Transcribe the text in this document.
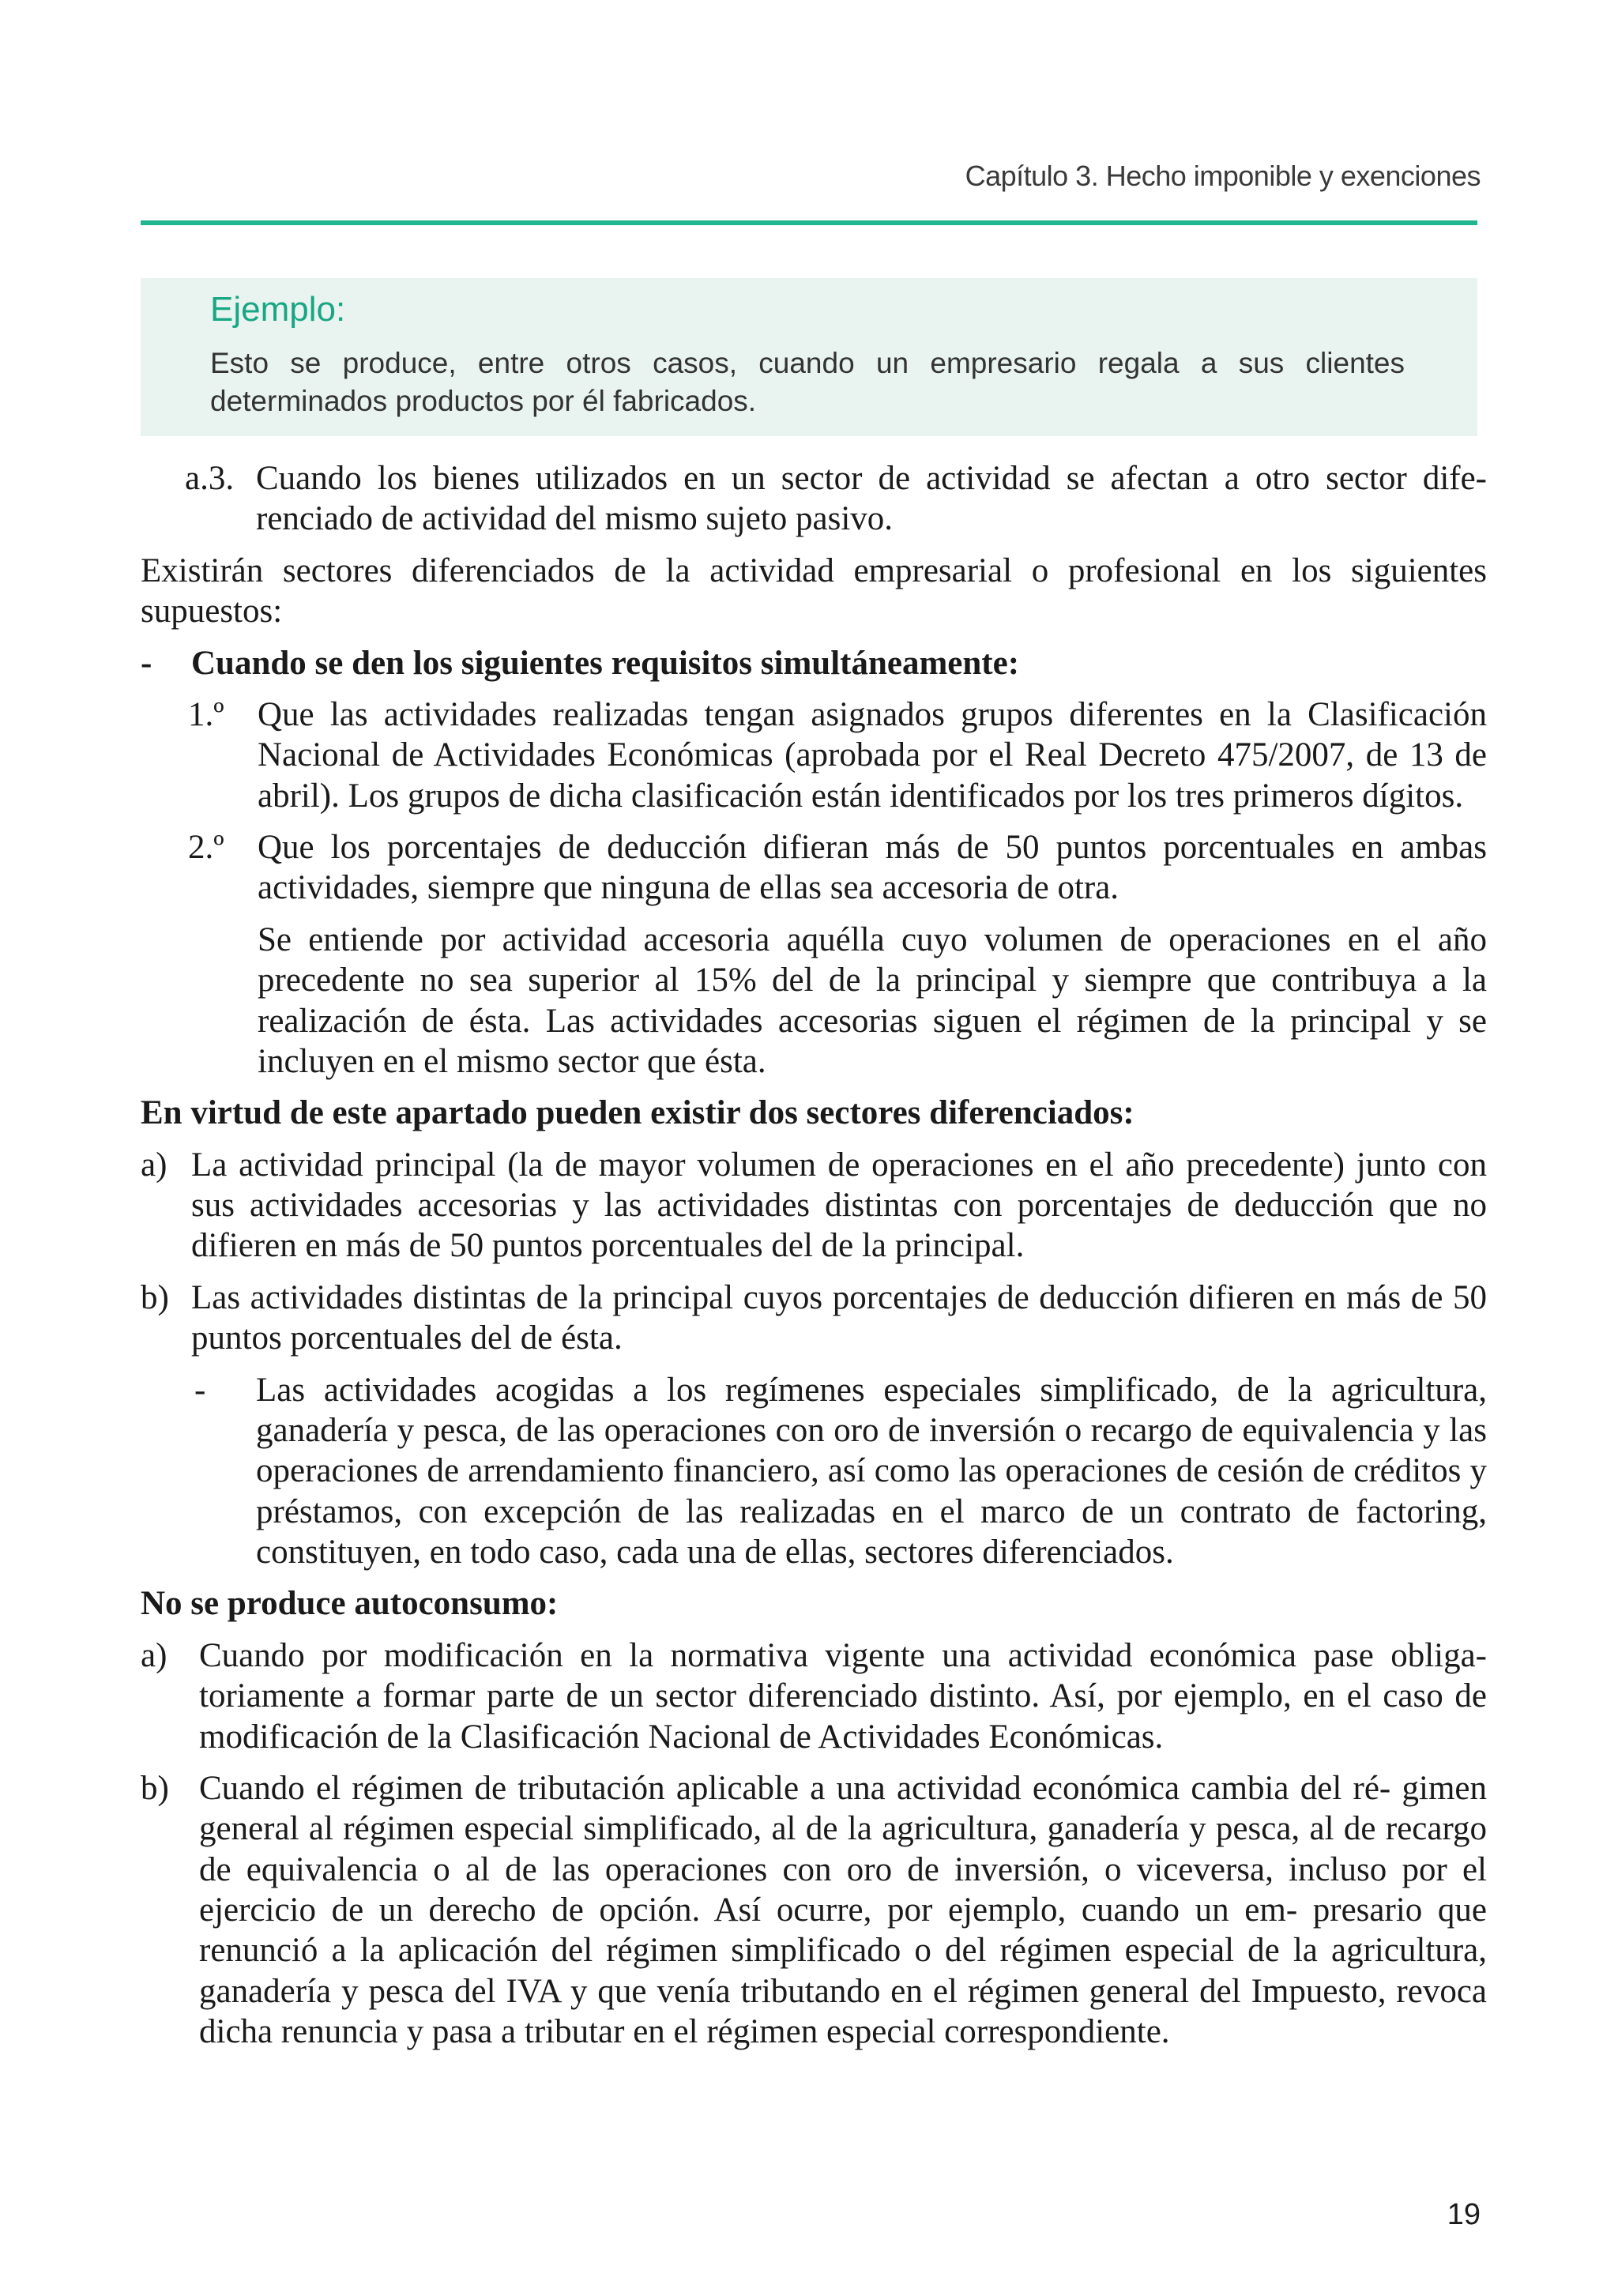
Capítulo 3. Hecho imponible y exenciones

Ejemplo:

Esto se produce, entre otros casos, cuando un empresario regala a sus clientes determinados productos por él fabricados.

a.3. Cuando los bienes utilizados en un sector de actividad se afectan a otro sector dife- renciado de actividad del mismo sujeto pasivo.

Existirán sectores diferenciados de la actividad empresarial o profesional en los siguientes supuestos:

-	Cuando se den los siguientes requisitos simultáneamente:
1.º Que las actividades realizadas tengan asignados grupos diferentes en la Clasificación Nacional de Actividades Económicas (aprobada por el Real Decreto 475/2007, de 13 de abril). Los grupos de dicha clasificación están identificados por los tres primeros dígitos.
2.º Que los porcentajes de deducción difieran más de 50 puntos porcentuales en ambas actividades, siempre que ninguna de ellas sea accesoria de otra.

Se entiende por actividad accesoria aquélla cuyo volumen de operaciones en el año precedente no sea superior al 15% del de la principal y siempre que contribuya a la realización de ésta. Las actividades accesorias siguen el régimen de la principal y se incluyen en el mismo sector que ésta.

En virtud de este apartado pueden existir dos sectores diferenciados:

a) La actividad principal (la de mayor volumen de operaciones en el año precedente) junto con sus actividades accesorias y las actividades distintas con porcentajes de deducción que no difieren en más de 50 puntos porcentuales del de la principal.
b) Las actividades distintas de la principal cuyos porcentajes de deducción difieren en más de 50 puntos porcentuales del de ésta.
-	Las actividades acogidas a los regímenes especiales simplificado, de la agricultura, ganadería y pesca, de las operaciones con oro de inversión o recargo de equivalencia y las operaciones de arrendamiento financiero, así como las operaciones de cesión de créditos y préstamos, con excepción de las realizadas en el marco de un contrato de factoring, constituyen, en todo caso, cada una de ellas, sectores diferenciados.

No se produce autoconsumo:

a) Cuando por modificación en la normativa vigente una actividad económica pase obliga- toriamente a formar parte de un sector diferenciado distinto. Así, por ejemplo, en el caso de modificación de la Clasificación Nacional de Actividades Económicas.
b) Cuando el régimen de tributación aplicable a una actividad económica cambia del ré- gimen general al régimen especial simplificado, al de la agricultura, ganadería y pesca, al de recargo de equivalencia o al de las operaciones con oro de inversión, o viceversa, incluso por el ejercicio de un derecho de opción. Así ocurre, por ejemplo, cuando un em- presario que renunció a la aplicación del régimen simplificado o del régimen especial de la agricultura, ganadería y pesca del IVA y que venía tributando en el régimen general del Impuesto, revoca dicha renuncia y pasa a tributar en el régimen especial correspondiente.
19
